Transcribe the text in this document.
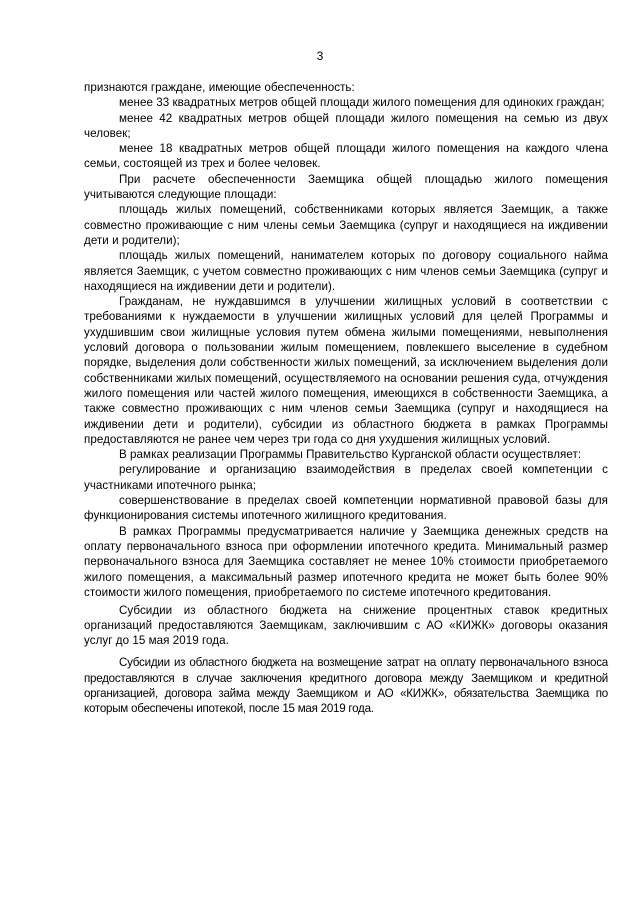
3

признаются граждане, имеющие обеспеченность:

менее 33 квадратных метров общей площади жилого помещения для одиноких граждан;

менее 42 квадратных метров общей площади жилого помещения на семью из двух человек;

менее 18 квадратных метров общей площади жилого помещения на каждого члена семьи, состоящей из трех и более человек.

При расчете обеспеченности Заемщика общей площадью жилого помещения учитываются следующие площади:

площадь жилых помещений, собственниками которых является Заемщик, а также совместно проживающие с ним члены семьи Заемщика (супруг и находящиеся на иждивении дети и родители);

площадь жилых помещений, нанимателем которых по договору социального найма является Заемщик, с учетом совместно проживающих с ним членов семьи Заемщика (супруг и находящиеся на иждивении дети и родители).

Гражданам, не нуждавшимся в улучшении жилищных условий в соответствии с требованиями к нуждаемости в улучшении жилищных условий для целей Программы и ухудшившим свои жилищные условия путем обмена жилыми помещениями, невыполнения условий договора о пользовании жилым помещением, повлекшего выселение в судебном порядке, выделения доли собственности жилых помещений, за исключением выделения доли собственниками жилых помещений, осуществляемого на основании решения суда, отчуждения жилого помещения или частей жилого помещения, имеющихся в собственности Заемщика, а также совместно проживающих с ним членов семьи Заемщика (супруг и находящиеся на иждивении дети и родители), субсидии из областного бюджета в рамках Программы предоставляются не ранее чем через три года со дня ухудшения жилищных условий.

В рамках реализации Программы Правительство Курганской области осуществляет:

регулирование и организацию взаимодействия в пределах своей компетенции с участниками ипотечного рынка;

совершенствование в пределах своей компетенции нормативной правовой базы для функционирования системы ипотечного жилищного кредитования.

В рамках Программы предусматривается наличие у Заемщика денежных средств на оплату первоначального взноса при оформлении ипотечного кредита. Минимальный размер первоначального взноса для Заемщика составляет не менее 10% стоимости приобретаемого жилого помещения, а максимальный размер ипотечного кредита не может быть более 90% стоимости жилого помещения, приобретаемого по системе ипотечного кредитования.

Субсидии из областного бюджета на снижение процентных ставок кредитных организаций предоставляются Заемщикам, заключившим с АО «КИЖК» договоры оказания услуг до 15 мая 2019 года.

Субсидии из областного бюджета на возмещение затрат на оплату первоначального взноса предоставляются в случае заключения кредитного договора между Заемщиком и кредитной организацией, договора займа между Заемщиком и АО «КИЖК», обязательства Заемщика по которым обеспечены ипотекой, после 15 мая 2019 года.
